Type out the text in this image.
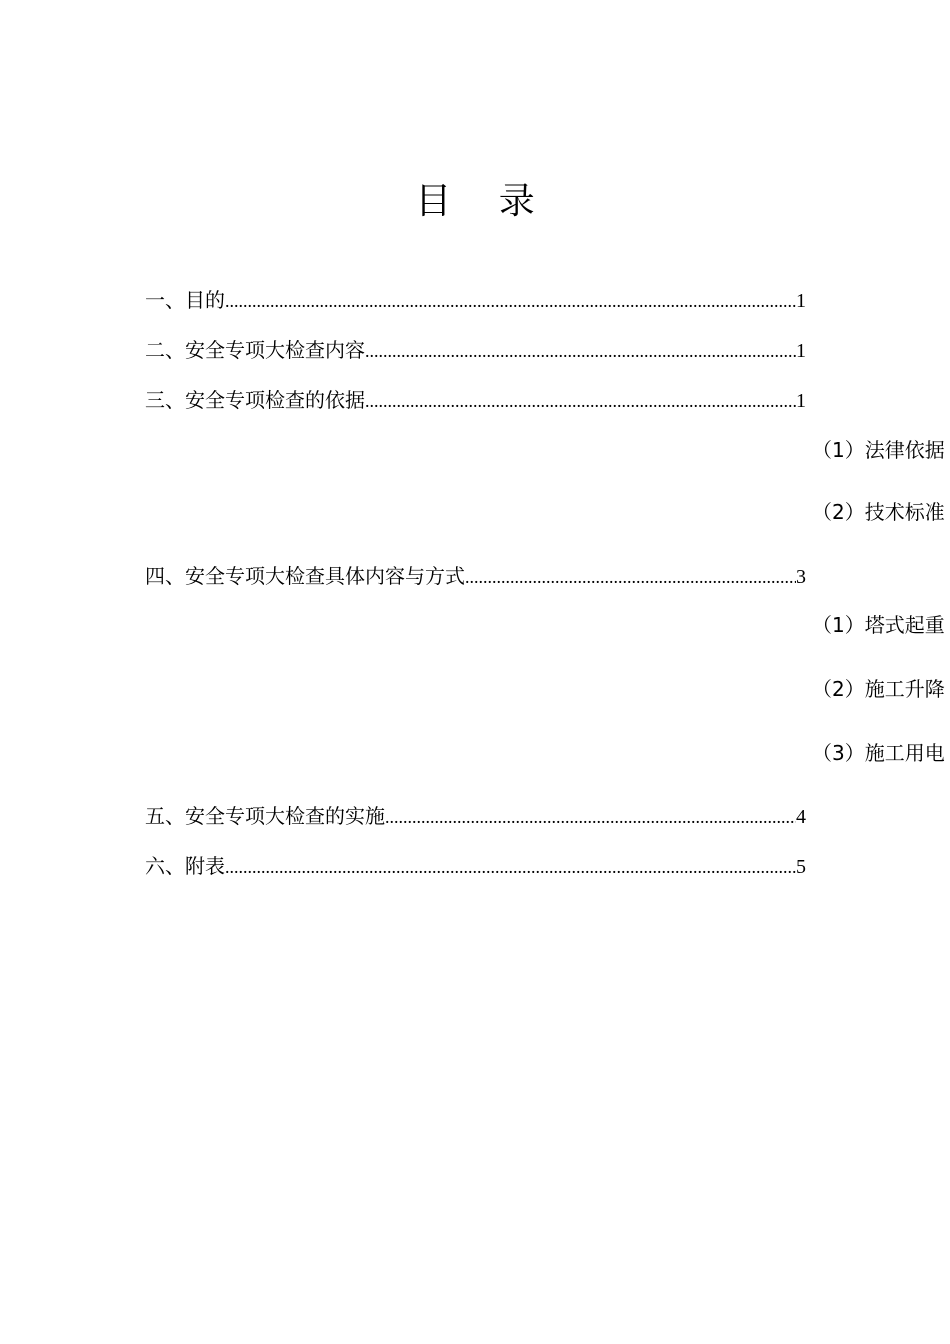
目 录
一、目的 .....	1
二、安全专项大检查内容 .....	1
三、安全专项检查的依据 .....	1
（1）法律依据
（2）技术标准
四、安全专项大检查具体内容与方式 .....	3
（1）塔式起重
（2）施工升降
（3）施工用电
五、安全专项大检查的实施 .....	4
六、附表 .....	5
